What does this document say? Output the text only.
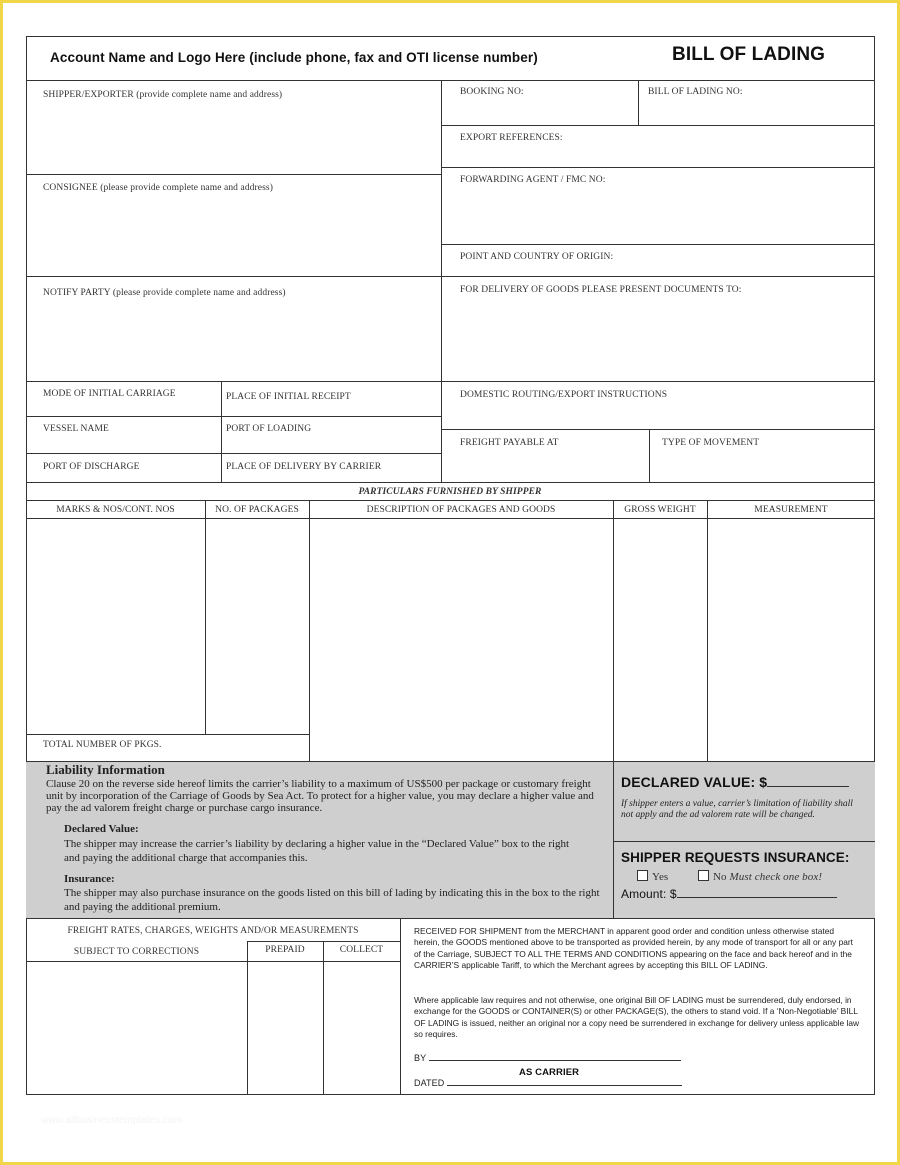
Account Name and Logo Here (include phone, fax and OTI license number)	BILL OF LADING
SHIPPER/EXPORTER (provide complete name and address)
CONSIGNEE (please provide complete name and address)
NOTIFY PARTY (please provide complete name and address)
MODE OF INITIAL CARRIAGE	PLACE OF INITIAL RECEIPT
VESSEL NAME	PORT OF LOADING
PORT OF DISCHARGE	PLACE OF DELIVERY BY CARRIER
BOOKING NO:	BILL OF LADING NO:
EXPORT REFERENCES:
FORWARDING AGENT / FMC NO:
POINT AND COUNTRY OF ORIGIN:
FOR DELIVERY OF GOODS PLEASE PRESENT DOCUMENTS TO:
DOMESTIC ROUTING/EXPORT INSTRUCTIONS
FREIGHT PAYABLE AT	TYPE OF MOVEMENT
PARTICULARS FURNISHED BY SHIPPER
MARKS & NOS/CONT. NOS	NO. OF PACKAGES	DESCRIPTION OF PACKAGES AND GOODS	GROSS WEIGHT	MEASUREMENT
TOTAL NUMBER OF PKGS.
Liability Information
Clause 20 on the reverse side hereof limits the carrier’s liability to a maximum of US$500 per package or customary freight unit by incorporation of the Carriage of Goods by Sea Act. To protect for a higher value, you may declare a higher value and pay the ad valorem freight charge or purchase cargo insurance.
Declared Value:
The shipper may increase the carrier’s liability by declaring a higher value in the “Declared Value” box to the right and paying the additional charge that accompanies this.
Insurance:
The shipper may also purchase insurance on the goods listed on this bill of lading by indicating this in the box to the right and paying the additional premium.
DECLARED VALUE: $
If shipper enters a value, carrier’s limitation of liability shall not apply and the ad valorem rate will be changed.
SHIPPER REQUESTS INSURANCE:
Yes	No Must check one box!
Amount: $
FREIGHT RATES, CHARGES, WEIGHTS AND/OR MEASUREMENTS
SUBJECT TO CORRECTIONS	PREPAID	COLLECT
RECEIVED FOR SHIPMENT from the MERCHANT in apparent good order and condition unless otherwise stated herein, the GOODS mentioned above to be transported as provided herein, by any mode of transport for all or any part of the Carriage, SUBJECT TO ALL THE TERMS AND CONDITIONS appearing on the face and back hereof and in the CARRIER’S applicable Tariff, to which the Merchant agrees by accepting this BILL OF LADING.
Where applicable law requires and not otherwise, one original Bill OF LADING must be surrendered, duly endorsed, in exchange for the GOODS or CONTAINER(S) or other PACKAGE(S), the others to stand void. If a ‘Non-Negotiable’ BILL OF LADING is issued, neither an original nor a copy need be surrendered in exchange for delivery unless applicable law so requires.
BY
AS CARRIER
DATED
www.allbusinesstemplates.com
